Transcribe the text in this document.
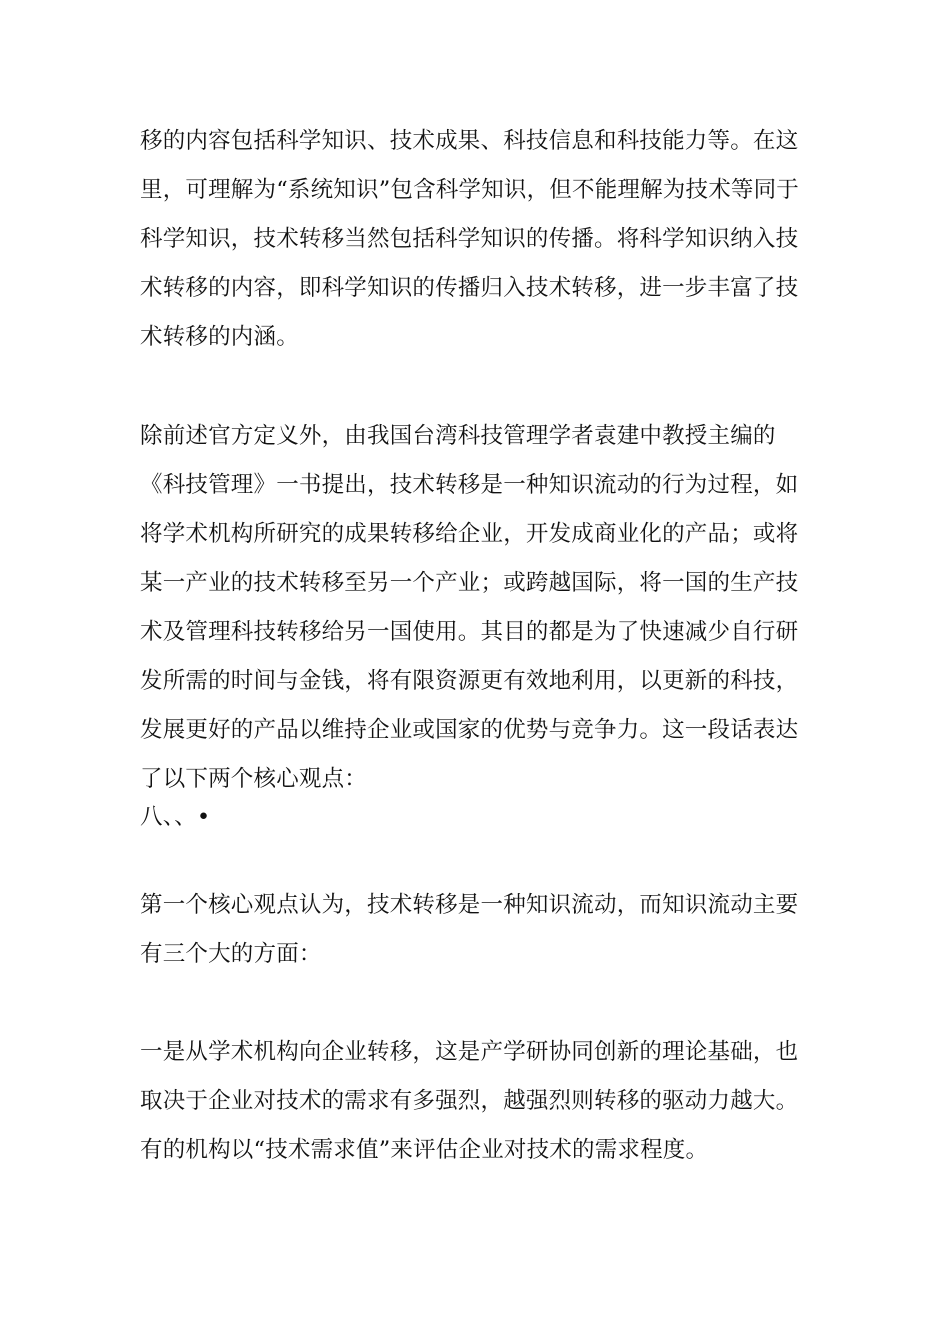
移的内容包括科学知识、技术成果、科技信息和科技能力等。在这里，可理解为“系统知识”包含科学知识，但不能理解为技术等同于科学知识，技术转移当然包括科学知识的传播。将科学知识纳入技术转移的内容，即科学知识的传播归入技术转移，进一步丰富了技术转移的内涵。
除前述官方定义外，由我国台湾科技管理学者袁建中教授主编的《科技管理》一书提出，技术转移是一种知识流动的行为过程，如将学术机构所研究的成果转移给企业，开发成商业化的产品；或将某一产业的技术转移至另一个产业；或跨越国际，将一国的生产技术及管理科技转移给另一国使用。其目的都是为了快速减少自行研发所需的时间与金钱，将有限资源更有效地利用，以更新的科技，发展更好的产品以维持企业或国家的优势与竞争力。这一段话表达了以下两个核心观点：
八、、•
第一个核心观点认为，技术转移是一种知识流动，而知识流动主要有三个大的方面：
一是从学术机构向企业转移，这是产学研协同创新的理论基础，也取决于企业对技术的需求有多强烈，越强烈则转移的驱动力越大。有的机构以“技术需求值”来评估企业对技术的需求程度。
